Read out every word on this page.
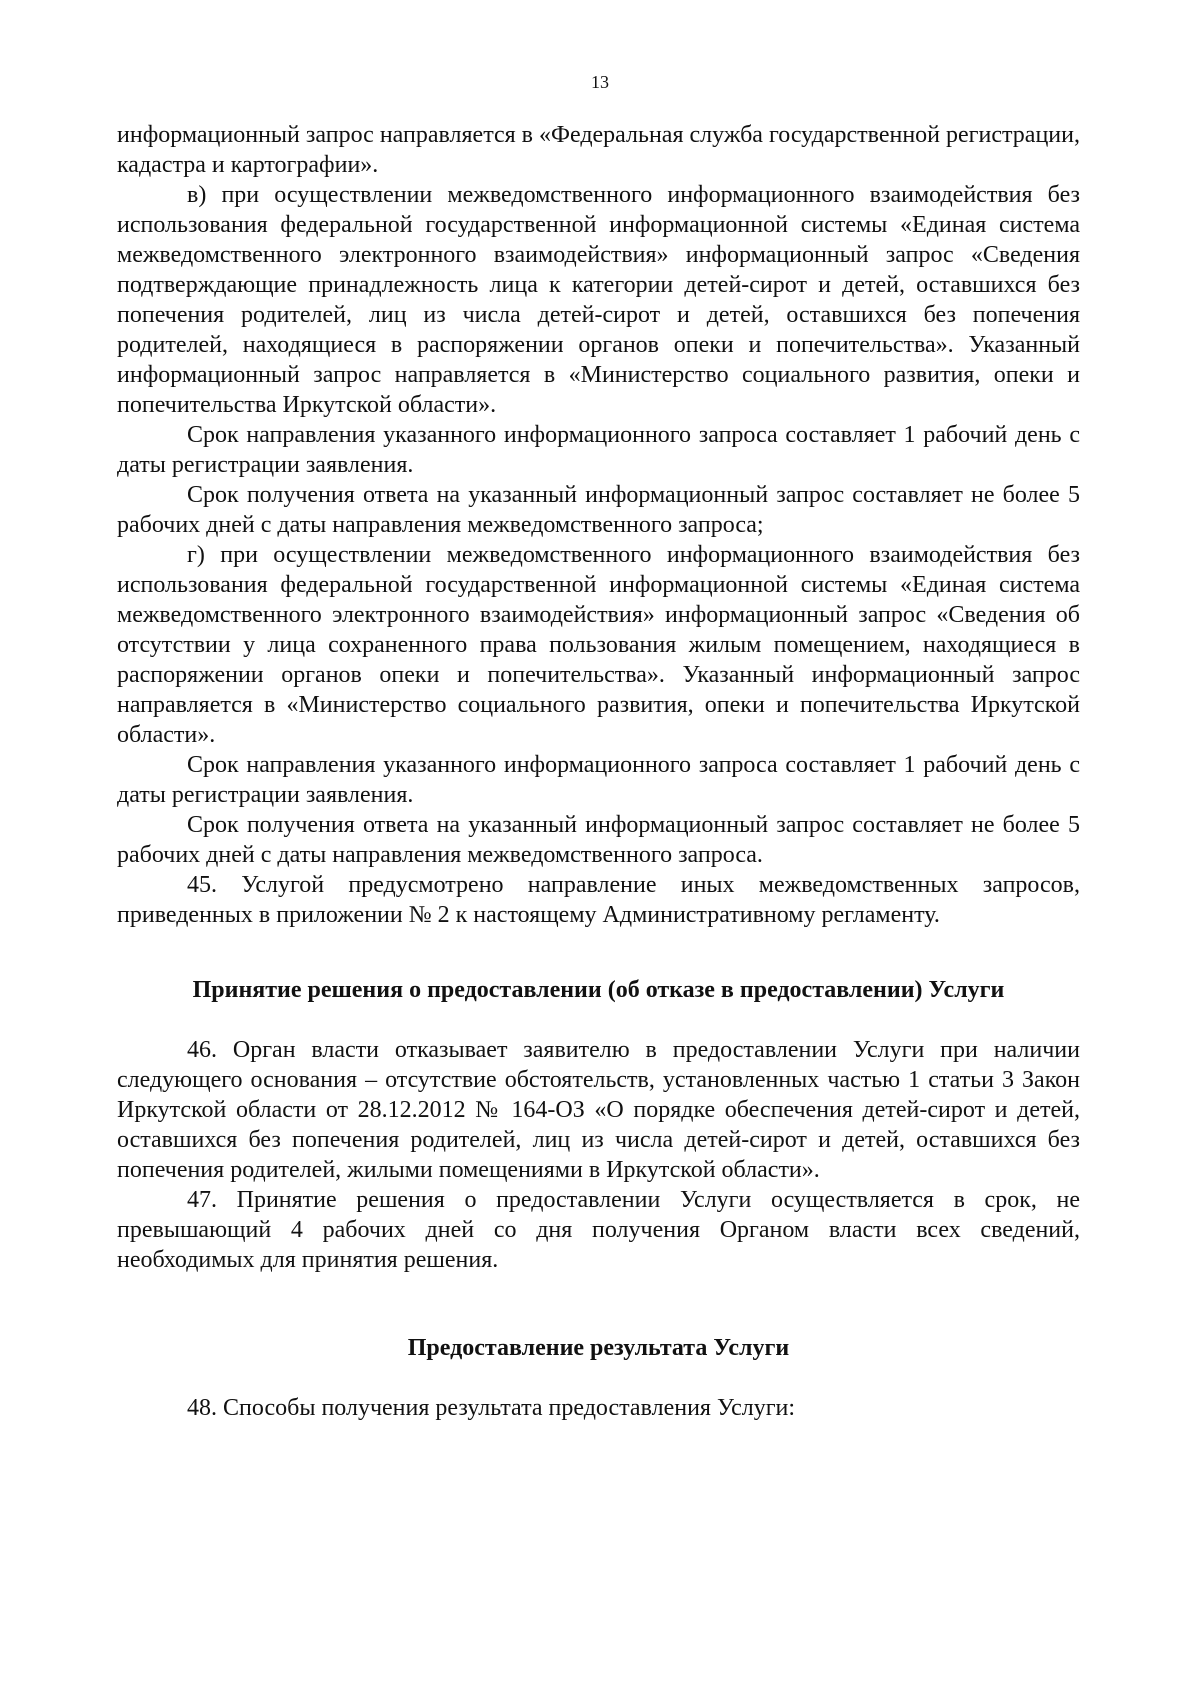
13

информационный запрос направляется в «Федеральная служба государственной регистрации, кадастра и картографии».

в) при осуществлении межведомственного информационного взаимодействия без использования федеральной государственной информационной системы «Единая система межведомственного электронного взаимодействия» информационный запрос «Сведения подтверждающие принадлежность лица к категории детей-сирот и детей, оставшихся без попечения родителей, лиц из числа детей-сирот и детей, оставшихся без попечения родителей, находящиеся в распоряжении органов опеки и попечительства». Указанный информационный запрос направляется в «Министерство социального развития, опеки и попечительства Иркутской области».

Срок направления указанного информационного запроса составляет 1 рабочий день с даты регистрации заявления.

Срок получения ответа на указанный информационный запрос составляет не более 5 рабочих дней с даты направления межведомственного запроса;

г) при осуществлении межведомственного информационного взаимодействия без использования федеральной государственной информационной системы «Единая система межведомственного электронного взаимодействия» информационный запрос «Сведения об отсутствии у лица сохраненного права пользования жилым помещением, находящиеся в распоряжении органов опеки и попечительства». Указанный информационный запрос направляется в «Министерство социального развития, опеки и попечительства Иркутской области».

Срок направления указанного информационного запроса составляет 1 рабочий день с даты регистрации заявления.

Срок получения ответа на указанный информационный запрос составляет не более 5 рабочих дней с даты направления межведомственного запроса.

45. Услугой предусмотрено направление иных межведомственных запросов, приведенных в приложении № 2 к настоящему Административному регламенту.

Принятие решения о предоставлении (об отказе в предоставлении) Услуги

46. Орган власти отказывает заявителю в предоставлении Услуги при наличии следующего основания – отсутствие обстоятельств, установленных частью 1 статьи 3 Закон Иркутской области от 28.12.2012 № 164-ОЗ «О порядке обеспечения детей-сирот и детей, оставшихся без попечения родителей, лиц из числа детей-сирот и детей, оставшихся без попечения родителей, жилыми помещениями в Иркутской области».

47. Принятие решения о предоставлении Услуги осуществляется в срок, не превышающий 4 рабочих дней со дня получения Органом власти всех сведений, необходимых для принятия решения.

Предоставление результата Услуги

48. Способы получения результата предоставления Услуги:
